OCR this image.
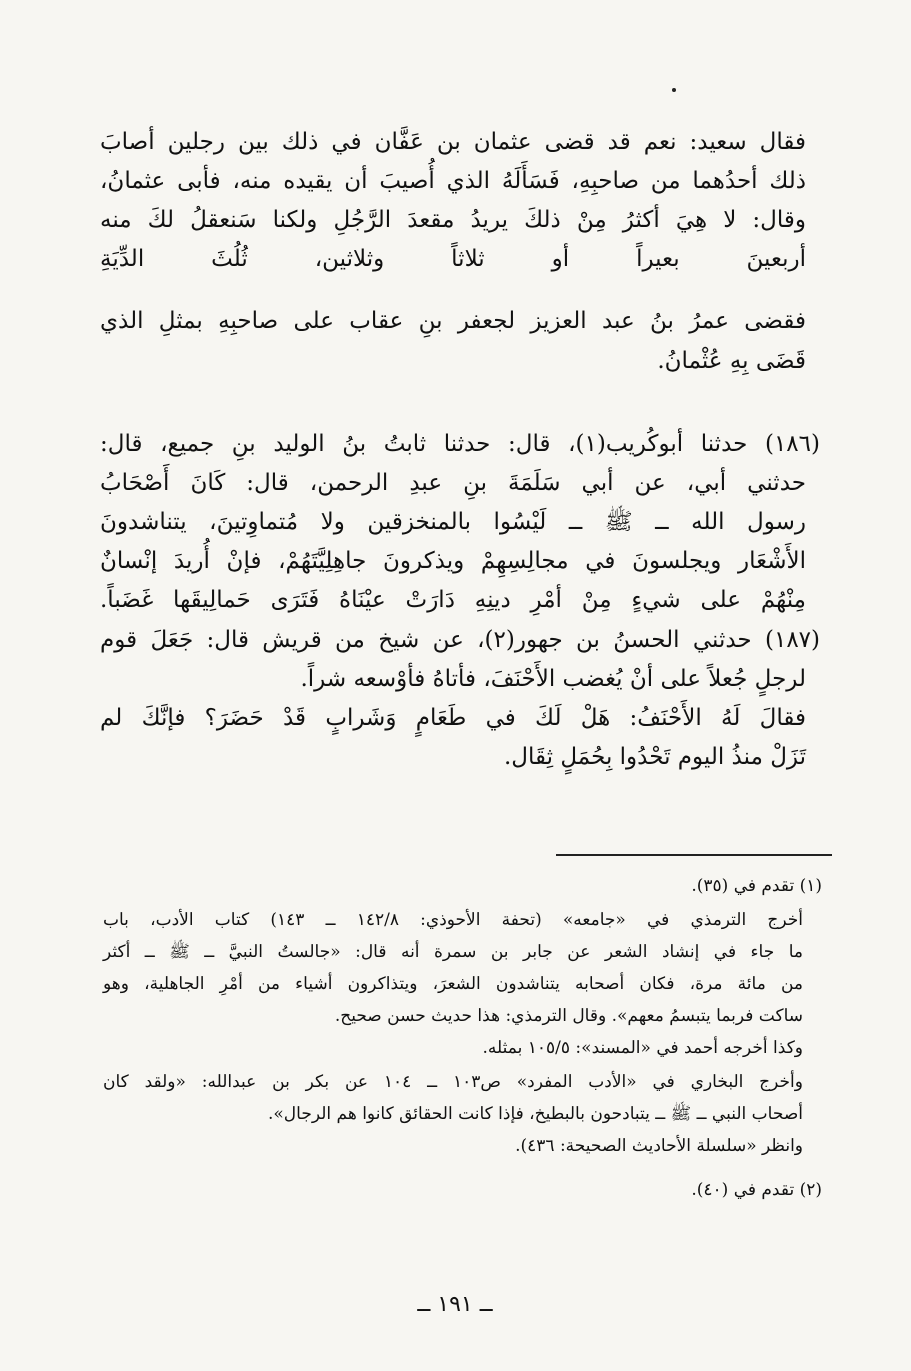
فقال سعيد: نعم قد قضى عثمان بن عَفَّان في ذلك بين رجلين أصابَ
ذلك أحدُهما من صاحبِهِ، فَسَأَلَهُ الذي أُصيبَ أن يقيده منه، فأبى عثمانُ،
وقال: لا هِيَ أكثرُ مِنْ ذلكَ يريدُ مقعدَ الرَّجُلِ ولكنا سَنعقلُ لكَ منه
أربعينَ بعيراً أو ثلاثاً وثلاثين، ثُلُثَ الدِّيَةِ
فقضى عمرُ بنُ عبد العزيز لجعفر بنِ عقاب على صاحبِهِ بمثلِ الذي
قَضَى بِهِ عُثْمانُ.
(١٨٦) حدثنا أبوكُريب(١)، قال: حدثنا ثابتُ بنُ الوليد بنِ جميع، قال:
حدثني أبي، عن أبي سَلَمَةَ بنِ عبدِ الرحمن، قال: كَانَ أَصْحَابُ
رسول الله ــ ﷺ ــ لَيْسُوا بالمنخزقين ولا مُتماوِتينَ، يتناشدونَ
الأَشْعَار ويجلسونَ في مجالِسِهِمْ ويذكرونَ جاهِلِيَّتَهُمْ، فإنْ أُريدَ إنْسانٌ
مِنْهُمْ على شيءٍ مِنْ أمْرِ دينِهِ دَارَتْ عيْنَاهُ فَتَرَى حَمالِيقَها غَضَباً.
(١٨٧) حدثني الحسنُ بن جهور(٢)، عن شيخ من قريش قال: جَعَلَ قوم
لرجلٍ جُعلاً على أنْ يُغضب الأَحْنَفَ، فأتاهُ فأوْسعه شراً.
فقالَ لَهُ الأَحْنَفُ: هَلْ لَكَ في طَعَامٍ وَشَرابٍ قَدْ حَضَرَ؟ فإنَّكَ لم
تَزَلْ منذُ اليوم تَحْدُوا بِحُمَلٍ ثِقَال.
(١) تقدم في (٣٥).
أخرج الترمذي في «جامعه» (تحفة الأحوذي: ١٤٢/٨ ــ ١٤٣) كتاب الأدب، باب
ما جاء في إنشاد الشعر عن جابر بن سمرة أنه قال: «جالستُ النبيَّ ــ ﷺ ــ أكثر
من مائة مرة، فكان أصحابه يتناشدون الشعرَ، ويتذاكرون أشياء من أمْرِ الجاهلية، وهو
ساكت فربما يتبسمُ معهم». وقال الترمذي: هذا حديث حسن صحيح.
وكذا أخرجه أحمد في «المسند»: ١٠٥/٥ بمثله.
وأخرج البخاري في «الأدب المفرد» ص١٠٣ ــ ١٠٤ عن بكر بن عبدالله: «ولقد كان
أصحاب النبي ــ ﷺ ــ يتبادحون بالبطيخ، فإذا كانت الحقائق كانوا هم الرجال».
وانظر «سلسلة الأحاديث الصحيحة: ٤٣٦).
(٢) تقدم في (٤٠).
ــ ١٩١ ــ
